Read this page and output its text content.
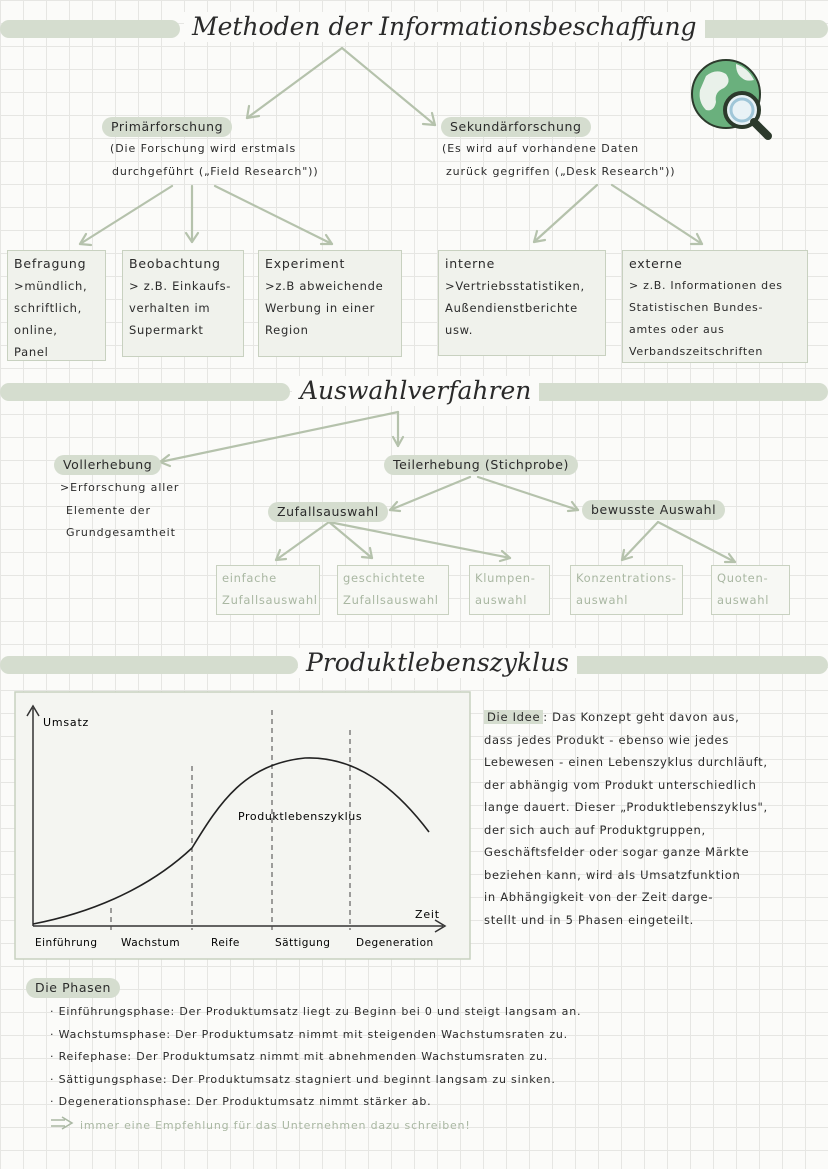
Methoden der Informationsbeschaffung
Primärforschung
(Die Forschung wird erstmals
durchgeführt („Field Research"))
Sekundärforschung
(Es wird auf vorhandene Daten
zurück gegriffen („Desk Research"))
Befragung
>mündlich,
schriftlich,
online,
Panel
Beobachtung
> z.B. Einkaufs-
verhalten im
Supermarkt
Experiment
>z.B abweichende
Werbung in einer
Region
interne
>Vertriebsstatistiken,
Außendienstberichte
usw.
externe
> z.B. Informationen des
Statistischen Bundes-
amtes oder aus
Verbandszeitschriften
Auswahlverfahren
Vollerhebung
>Erforschung aller
Elemente der
Grundgesamtheit
Teilerhebung (Stichprobe)
Zufallsauswahl	bewusste Auswahl
einfache
Zufallsauswahl
geschichtete
Zufallsauswahl
Klumpen-
auswahl
Konzentrations-
auswahl
Quoten-
auswahl
Produktlebenszyklus
Umsatz
Zeit
Produktlebenszyklus
Einführung Wachstum	Reife	Sättigung Degeneration
Die Idee : Das Konzept geht davon aus,
dass jedes Produkt - ebenso wie jedes
Lebewesen - einen Lebenszyklus durchläuft,
der abhängig vom Produkt unterschiedlich
lange dauert. Dieser „Produktlebenszyklus",
der sich auch auf Produktgruppen,
Geschäftsfelder oder sogar ganze Märkte
beziehen kann, wird als Umsatzfunktion
in Abhängigkeit von der Zeit darge-
stellt und in 5 Phasen eingeteilt.
Die Phasen
· Einführungsphase: Der Produktumsatz liegt zu Beginn bei 0 und steigt langsam an.
· Wachstumsphase: Der Produktumsatz nimmt mit steigenden Wachstumsraten zu.
· Reifephase: Der Produktumsatz nimmt mit abnehmenden Wachstumsraten zu.
· Sättigungsphase: Der Produktumsatz stagniert und beginnt langsam zu sinken.
· Degenerationsphase: Der Produktumsatz nimmt stärker ab.
immer eine Empfehlung für das Unternehmen dazu schreiben!
